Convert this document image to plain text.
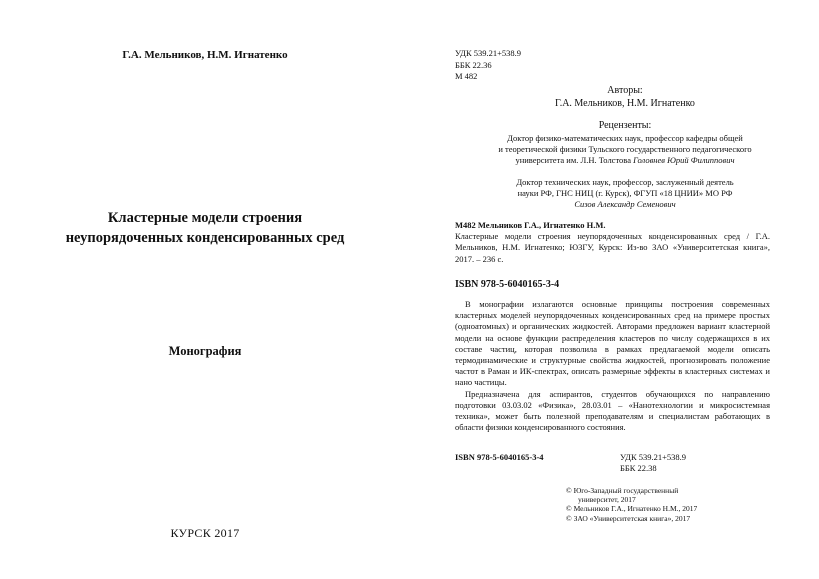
Г.А. Мельников, Н.М. Игнатенко
Кластерные модели строения
неупорядоченных конденсированных сред
Монография
КУРСК 2017
УДК 539.21+538.9
ББК 22.36
М 482
Авторы:
Г.А. Мельников, Н.М. Игнатенко
Рецензенты:
Доктор физико-математических наук, профессор кафедры общей
и теоретической физики Тульского государственного педагогического
университета им. Л.Н. Толстова Головнев Юрий Филиппович
Доктор технических наук, профессор, заслуженный деятель
науки РФ, ГНС НИЦ (г. Курск), ФГУП «18 ЦНИИ» МО РФ
Сизов Александр Семенович
М482 Мельников Г.А., Игнатенко Н.М.
Кластерные модели строения неупорядоченных конденсированных сред / Г.А. Мельников, Н.М. Игнатенко; ЮЗГУ, Курск: Из-во ЗАО «Университетская книга», 2017. – 236 с.
ISBN 978-5-6040165-3-4

В монографии излагаются основные принципы построения современных кластерных моделей неупорядоченных конденсированных сред на примере простых (одноатомных) и органических жидкостей. Авторами предложен вариант кластерной модели на основе функции распределения кластеров по числу содержащихся в их составе частиц, которая позволила в рамках предлагаемой модели описать термодинамические и структурные свойства жидкостей, прогнозировать положение частот в Раман и ИК-спектрах, описать размерные эффекты в кластерных системах и нано частицы.

Предназначена для аспирантов, студентов обучающихся по направлению подготовки 03.03.02 «Физика», 28.03.01 – «Нанотехнологии и микросистемная техника», может быть полезной преподавателям и специалистам работающих в области физики конденсированного состояния.

ISBN 978-5-6040165-3-4	УДК 539.21+538.9
ББК 22.38
© Юго-Западный государственный
университет, 2017
© Мельников Г.А., Игнатенко Н.М., 2017
© ЗАО «Университетская книга», 2017
